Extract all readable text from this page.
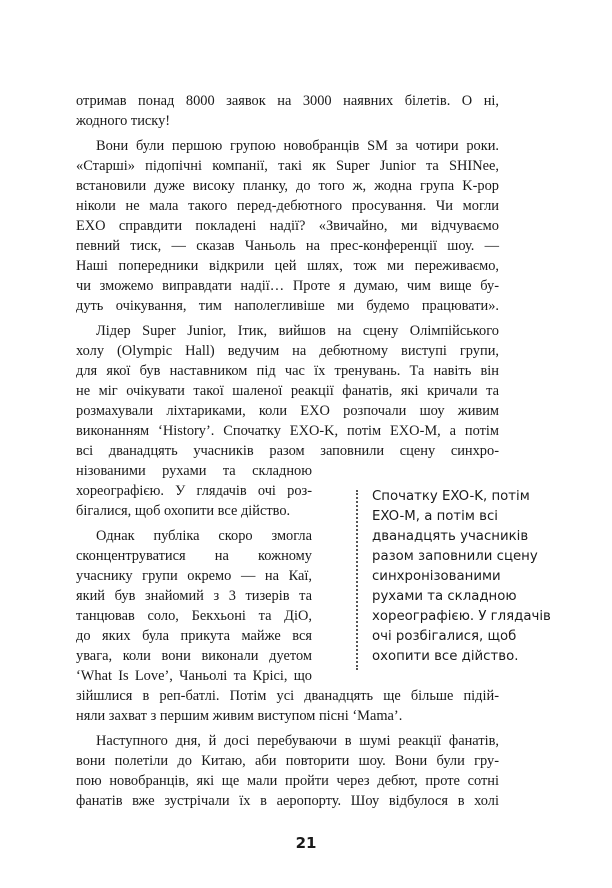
отримав понад 8000 заявок на 3000 наявних білетів. О ні,
жодного тиску!
Вони були першою групою новобранців SM за чотири роки.
«Старші» підопічні компанії, такі як Super Junior та SHINee,
встановили дуже високу планку, до того ж, жодна група K-pop
ніколи не мала такого перед-дебютного просування. Чи могли
EXO справдити покладені надії? «Звичайно, ми відчуваємо
певний тиск, — сказав Чаньоль на прес-конференції шоу. —
Наші попередники відкрили цей шлях, тож ми переживаємо,
чи зможемо виправдати надії… Проте я думаю, чим вище бу-
дуть очікування, тим наполегливіше ми будемо працювати».
Лідер Super Junior, Ітик, вийшов на сцену Олімпійського
холу (Olympic Hall) ведучим на дебютному виступі групи,
для якої був наставником під час їх тренувань. Та навіть він
не міг очікувати такої шаленої реакції фанатів, які кричали та
розмахували ліхтариками, коли EXO розпочали шоу живим
виконанням ‘History’. Спочатку EXO-K, потім EXO-M, а потім
всі дванадцять учасників разом заповнили сцену синхро-
нізованими рухами та складною
хореографією. У глядачів очі роз-
бігалися, щоб охопити все дійство.
Однак публіка скоро змогла
сконцентруватися на кожному
учаснику групи окремо — на Каї,
який був знайомий з 3 тизерів та
танцював соло, Бекхьоні та ДіО,
до яких була прикута майже вся
увага, коли вони виконали дуетом
‘What Is Love’, Чаньолі та Крісі, що
зійшлися в реп-батлі. Потім усі дванадцять ще більше підій-
няли захват з першим живим виступом пісні ‘Mama’.
Наступного дня, й досі перебуваючи в шумі реакції фанатів,
вони полетіли до Китаю, аби повторити шоу. Вони були гру-
пою новобранців, які ще мали пройти через дебют, проте сотні
фанатів вже зустрічали їх в аеропорту. Шоу відбулося в холі
Спочатку EXO-K, потім
EXO-M, а потім всі
дванадцять учасників
разом заповнили сцену
синхронізованими
рухами та складною
хореографією. У глядачів
очі розбігалися, щоб
охопити все дійство.
21
